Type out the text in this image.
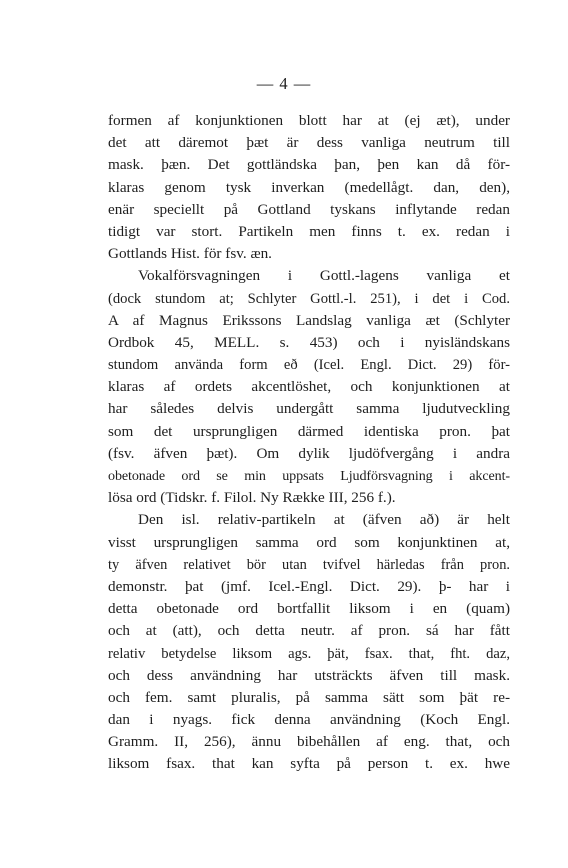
— 4 —
formen af konjunktionen blott har at (ej æt), under
det att däremot þæt är dess vanliga neutrum till
mask. þæn. Det gottländska þan, þen kan då för-
klaras genom tysk inverkan (medellågt. dan, den),
enär speciellt på Gottland tyskans inflytande redan
tidigt var stort. Partikeln men finns t. ex. redan i
Gottlands Hist. för fsv. æn.
Vokalförsvagningen i Gottl.-lagens vanliga et
(dock stundom at; Schlyter Gottl.-l. 251), i det i Cod.
A af Magnus Erikssons Landslag vanliga æt (Schlyter
Ordbok 45, MELL. s. 453) och i nyisländskans
stundom använda form eð (Icel. Engl. Dict. 29) för-
klaras af ordets akcentlöshet, och konjunktionen at
har således delvis undergått samma ljudutveckling
som det ursprungligen därmed identiska pron. þat
(fsv. äfven þæt). Om dylik ljudöfvergång i andra
obetonade ord se min uppsats Ljudförsvagning i akcent-
lösa ord (Tidskr. f. Filol. Ny Række III, 256 f.).
Den isl. relativ-partikeln at (äfven að) är helt
visst ursprungligen samma ord som konjunktinen at,
ty äfven relativet bör utan tvifvel härledas från pron.
demonstr. þat (jmf. Icel.-Engl. Dict. 29). þ- har i
detta obetonade ord bortfallit liksom i en (quam)
och at (att), och detta neutr. af pron. sá har fått
relativ betydelse liksom ags. þät, fsax. that, fht. daz,
och dess användning har utsträckts äfven till mask.
och fem. samt pluralis, på samma sätt som þät re-
dan i nyags. fick denna användning (Koch Engl.
Gramm. II, 256), ännu bibehållen af eng. that, och
liksom fsax. that kan syfta på person t. ex. hwe
